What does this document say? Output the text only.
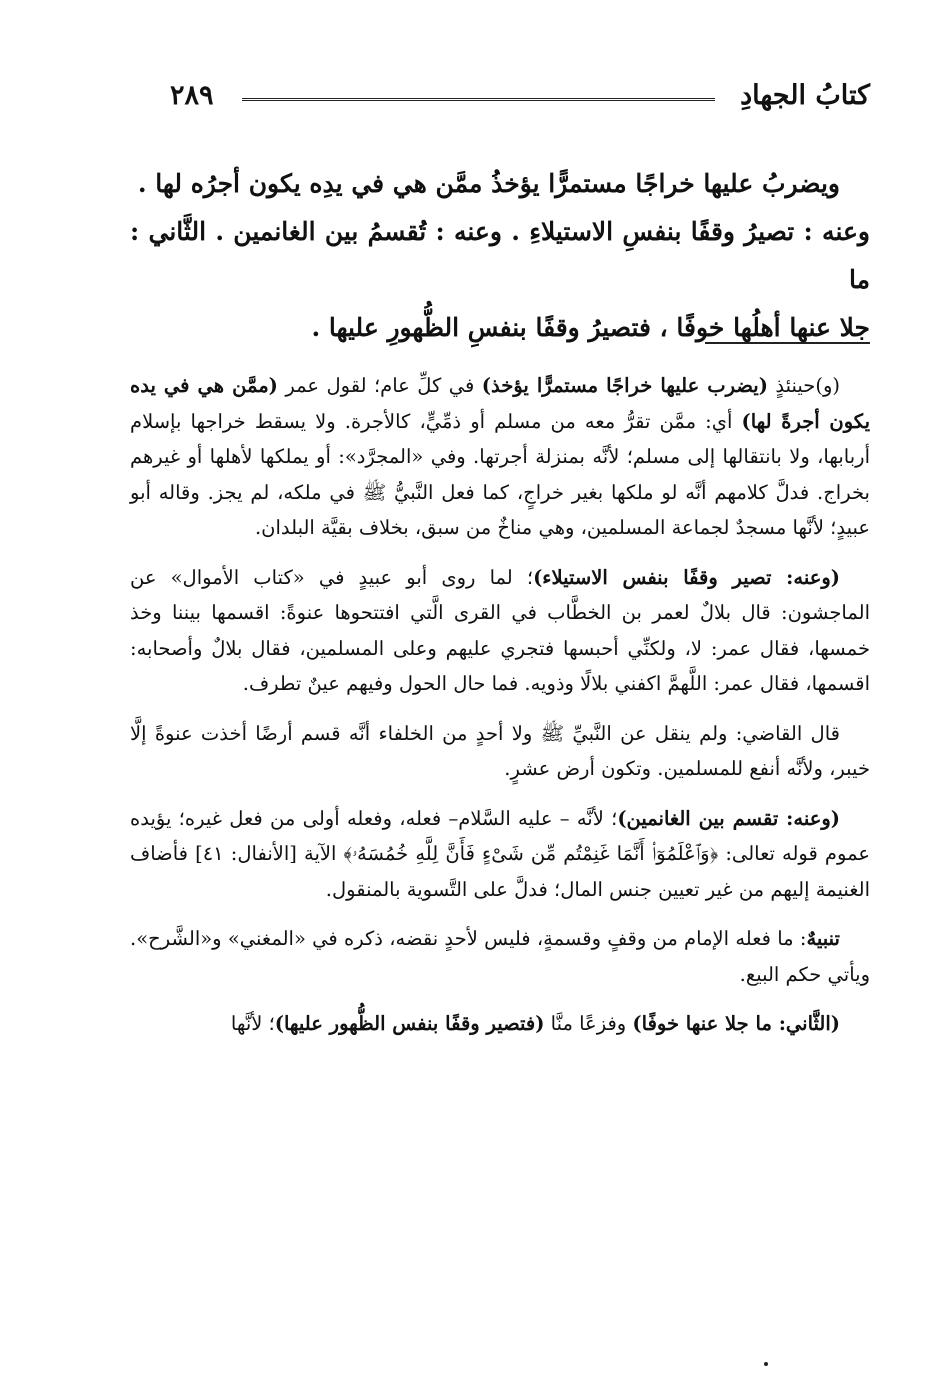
كتابُ الجهادِ
٢٨٩

ويضربُ عليها خراجًا مستمرًّا يؤخذُ ممَّن هي في يدِه يكون أجرُه لها .

وعنه : تصيرُ وقفًا بنفسِ الاستيلاءِ . وعنه : تُقسمُ بين الغانمين . الثَّاني : ما

جلا عنها أهلُها خوفًا ، فتصيرُ وقفًا بنفسِ الظُّهورِ عليها .

(و)حينئذٍ (يضرب عليها خراجًا مستمرًّا يؤخذ) في كلِّ عام؛ لقول عمر (ممَّن هي في يده يكون أجرةً لها) أي: ممَّن تقرُّ معه من مسلم أو ذمِّيٍّ، كالأجرة. ولا يسقط خراجها بإسلام أربابها، ولا بانتقالها إلى مسلم؛ لأنَّه بمنزلة أجرتها. وفي «المجرَّد»: أو يملكها لأهلها أو غيرهم بخراج. فدلَّ كلامهم أنَّه لو ملكها بغير خراجٍ، كما فعل النَّبيُّ ﷺ في ملكه، لم يجز. وقاله أبو عبيدٍ؛ لأنَّها مسجدٌ لجماعة المسلمين، وهي مناخٌ من سبق، بخلاف بقيَّة البلدان.

(وعنه: تصير وقفًا بنفس الاستيلاء)؛ لما روى أبو عبيدٍ في «كتاب الأموال» عن الماجشون: قال بلالٌ لعمر بن الخطَّاب في القرى الَّتي افتتحوها عنوةً: اقسمها بيننا وخذ خمسها، فقال عمر: لا، ولكنِّي أحبسها فتجري عليهم وعلى المسلمين، فقال بلالٌ وأصحابه: اقسمها، فقال عمر: اللَّهمَّ اكفني بلالًا وذويه. فما حال الحول وفيهم عينٌ تطرف.

قال القاضي: ولم ينقل عن النَّبيِّ ﷺ ولا أحدٍ من الخلفاء أنَّه قسم أرضًا أخذت عنوةً إلَّا خيبر، ولأنَّه أنفع للمسلمين. وتكون أرض عشرٍ.

(وعنه: تقسم بين الغانمين)؛ لأنَّه – عليه السَّلام– فعله، وفعله أولى من فعل غيره؛ يؤيده عموم قوله تعالى: ﴿وَٱعْلَمُوٓا۟ أَنَّمَا غَنِمْتُم مِّن شَىْءٍ فَأَنَّ لِلَّهِ خُمُسَهُۥ﴾ الآية [الأنفال: ٤١] فأضاف الغنيمة إليهم من غير تعيين جنس المال؛ فدلَّ على التَّسوية بالمنقول.

تنبيهٌ: ما فعله الإمام من وقفٍ وقسمةٍ، فليس لأحدٍ نقضه، ذكره في «المغني» و«الشَّرح». ويأتي حكم البيع.

(الثَّاني: ما جلا عنها خوفًا) وفزعًا منَّا (فتصير وقفًا بنفس الظُّهور عليها)؛ لأنَّها
